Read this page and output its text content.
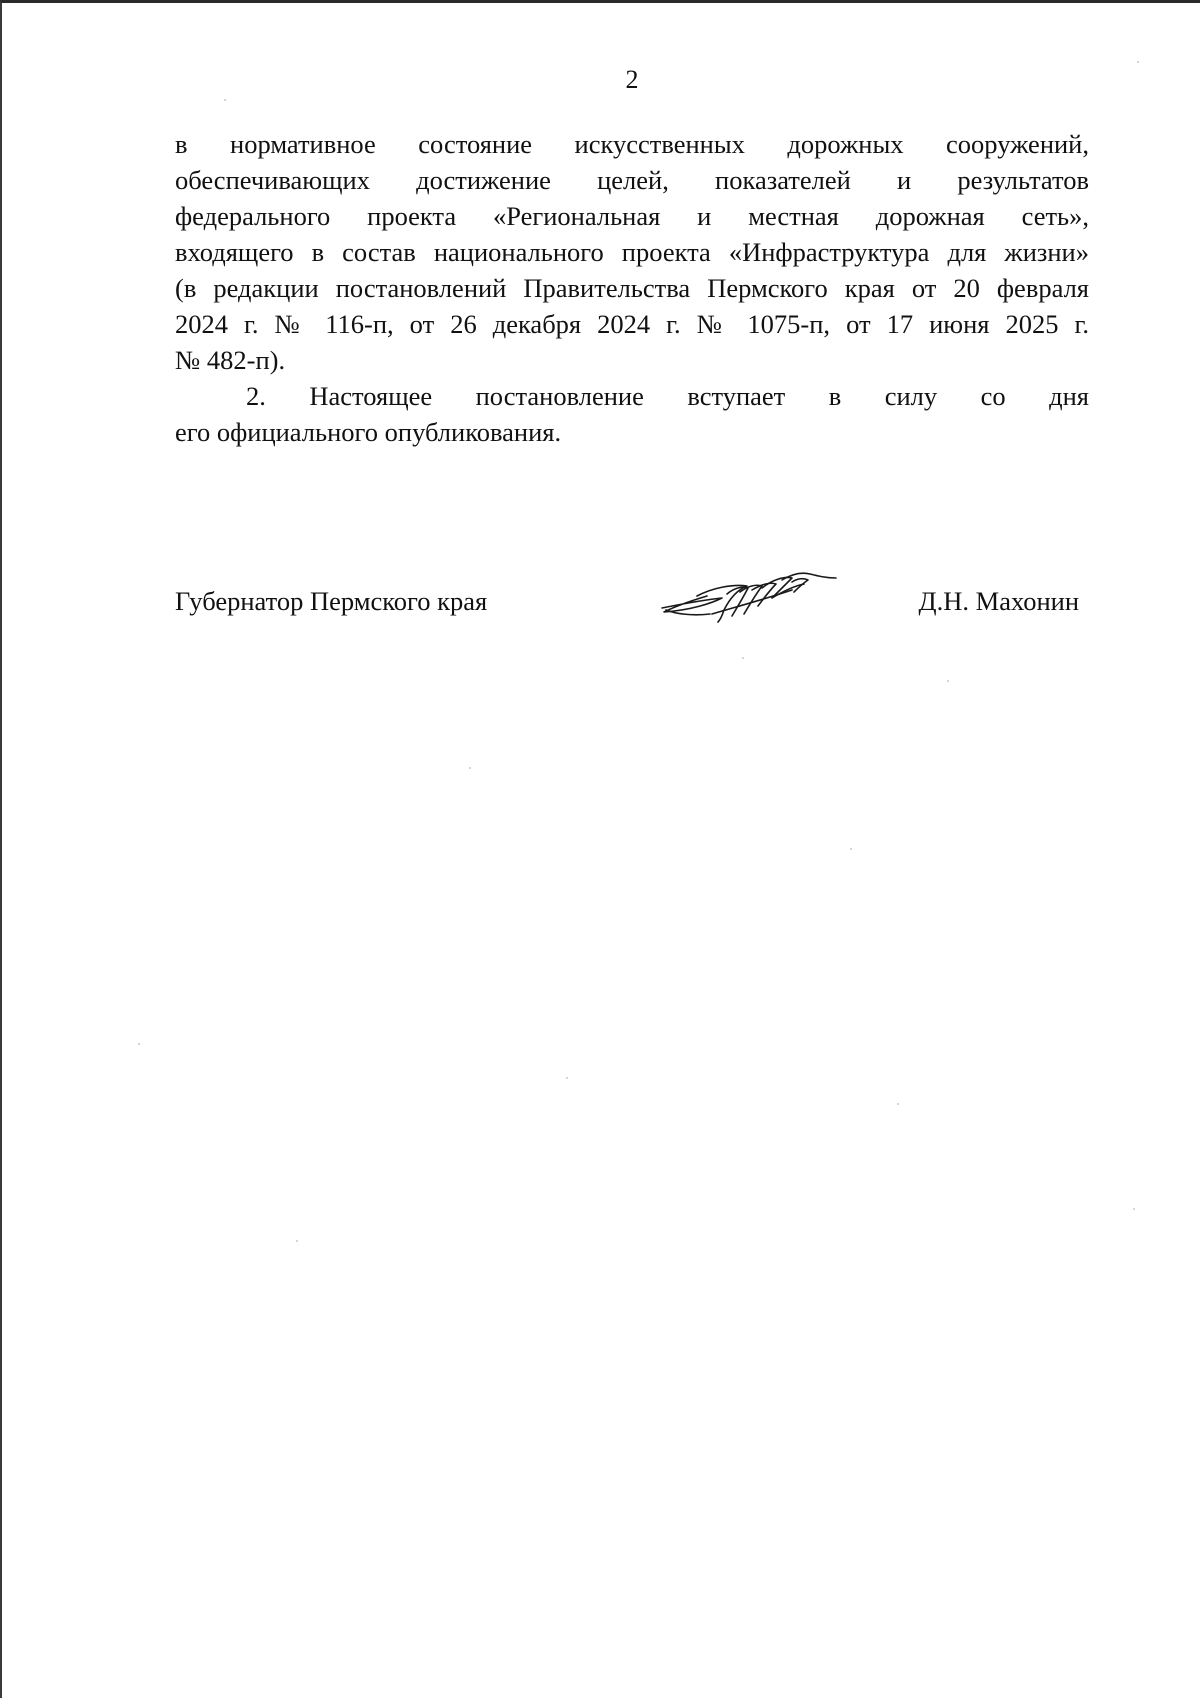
2
в нормативное состояние искусственных дорожных сооружений,
обеспечивающих достижение целей, показателей и результатов
федерального проекта «Региональная и местная дорожная сеть»,
входящего в состав национального проекта «Инфраструктура для жизни»
(в редакции постановлений Правительства Пермского края от 20 февраля
2024 г. № 116-п, от 26 декабря 2024 г. № 1075-п, от 17 июня 2025 г.
№ 482-п).
2. Настоящее постановление вступает в силу со дня
его официального опубликования.
Губернатор Пермского края	Д.Н. Махонин
